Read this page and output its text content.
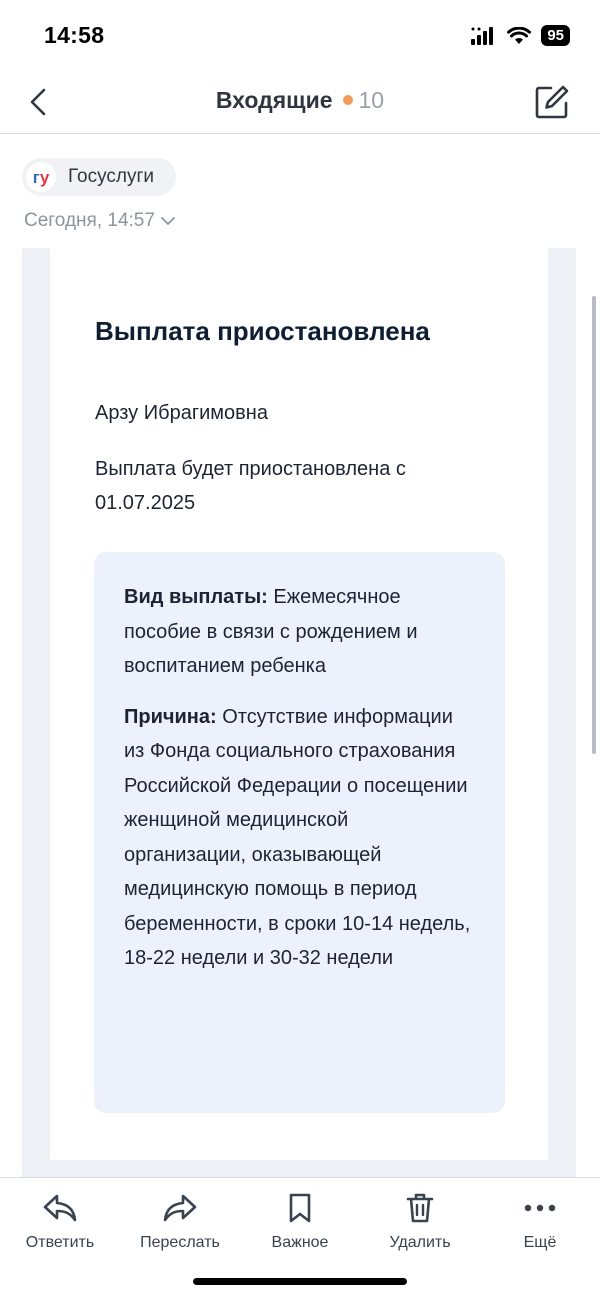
14:58	95
Входящие 10
г у Госуслуги
Сегодня, 14:57
Выплата приостановлена
Арзу Ибрагимовна
Выплата будет приостановлена с 01.07.2025

Вид выплаты: Ежемесячное пособие в связи с рождением и воспитанием ребенка

Причина: Отсутствие информации из Фонда социального страхования Российской Федерации о посещении женщиной медицинской организации, оказывающей медицинскую помощь в период беременности, в сроки 10-14 недель, 18-22 недели и 30-32 недели

Ответить	Переслать	Важное	Удалить	Ещё
